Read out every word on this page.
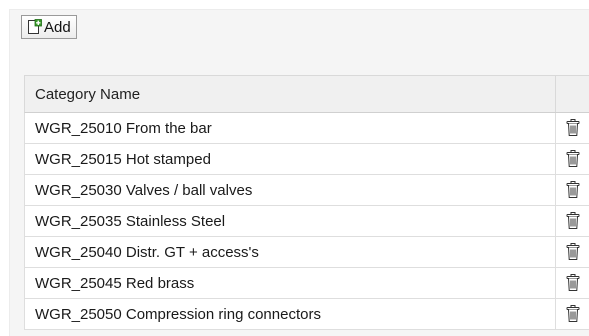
Add
Category Name
WGR_25010 From the bar
WGR_25015 Hot stamped
WGR_25030 Valves / ball valves
WGR_25035 Stainless Steel
WGR_25040 Distr. GT + access's
WGR_25045 Red brass
WGR_25050 Compression ring connectors
